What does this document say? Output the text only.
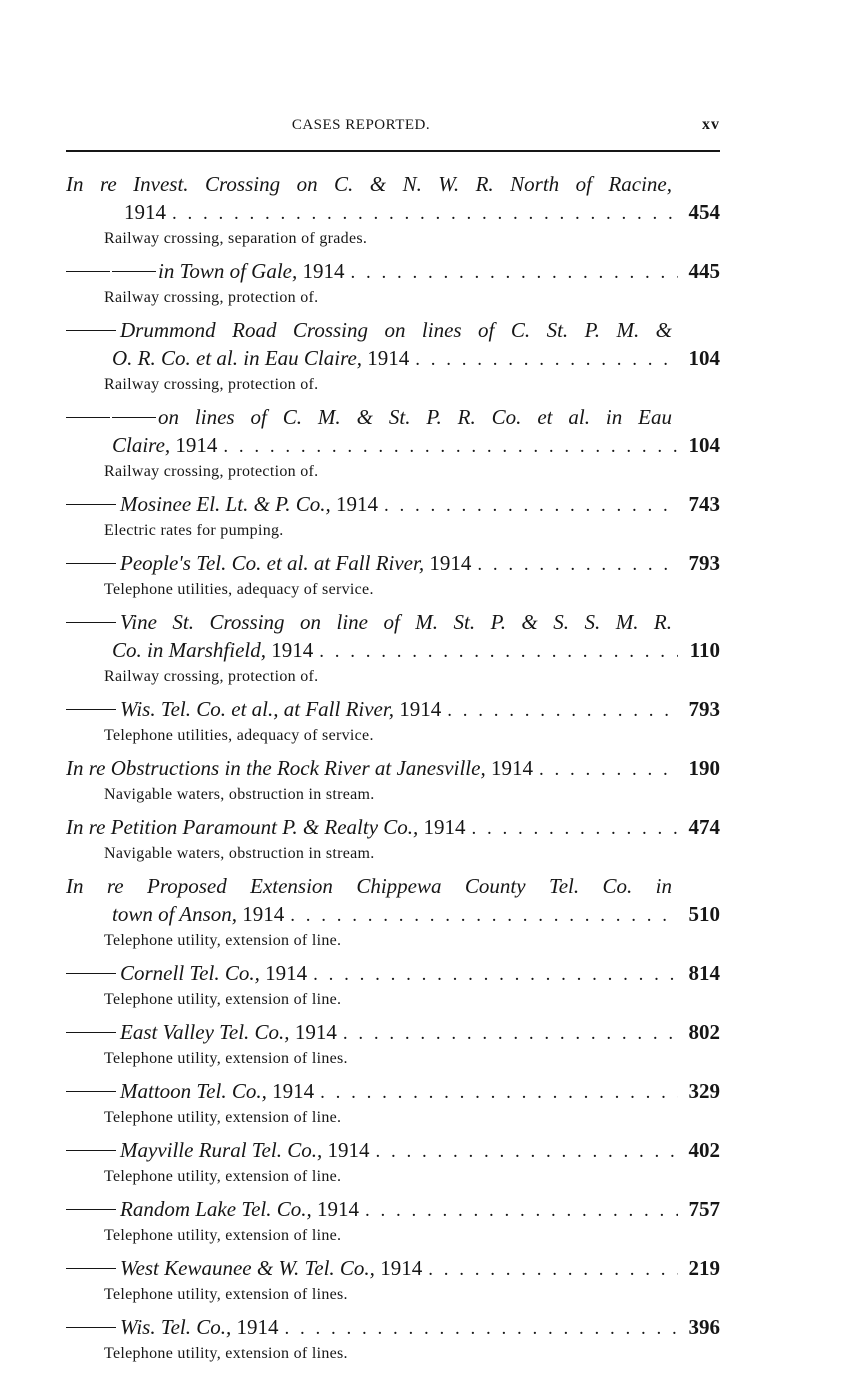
CASES REPORTED.	xv
In re Invest. Crossing on C. & N. W. R. North of Racine,
1914 . . .	454
Railway crossing, separation of grades.
in Town of Gale, 1914 . . .	445
Railway crossing, protection of.
Drummond Road Crossing on lines of C. St. P. M. &
O. R. Co. et al. in Eau Claire, 1914 . . .	104
Railway crossing, protection of.
on lines of C. M. & St. P. R. Co. et al. in Eau
Claire, 1914 . . .	104
Railway crossing, protection of.
Mosinee El. Lt. & P. Co., 1914 . . .	743
Electric rates for pumping.
People's Tel. Co. et al. at Fall River, 1914 . . .	793
Telephone utilities, adequacy of service.
Vine St. Crossing on line of M. St. P. & S. S. M. R.
Co. in Marshfield, 1914 . . .	110
Railway crossing, protection of.
Wis. Tel. Co. et al., at Fall River, 1914 . . .	793
Telephone utilities, adequacy of service.
In re Obstructions in the Rock River at Janesville, 1914 . . .	190
Navigable waters, obstruction in stream.
In re Petition Paramount P. & Realty Co., 1914 . . .	474
Navigable waters, obstruction in stream.
In re Proposed Extension Chippewa County Tel. Co. in
town of Anson, 1914 . . .	510
Telephone utility, extension of line.
Cornell Tel. Co., 1914 . . .	814
Telephone utility, extension of line.
East Valley Tel. Co., 1914 . . .	802
Telephone utility, extension of lines.
Mattoon Tel. Co., 1914 . . .	329
Telephone utility, extension of line.
Mayville Rural Tel. Co., 1914 . . .	402
Telephone utility, extension of line.
Random Lake Tel. Co., 1914 . . .	757
Telephone utility, extension of line.
West Kewaunee & W. Tel. Co., 1914 . . .	219
Telephone utility, extension of lines.
Wis. Tel. Co., 1914 . . .	396
Telephone utility, extension of lines.
